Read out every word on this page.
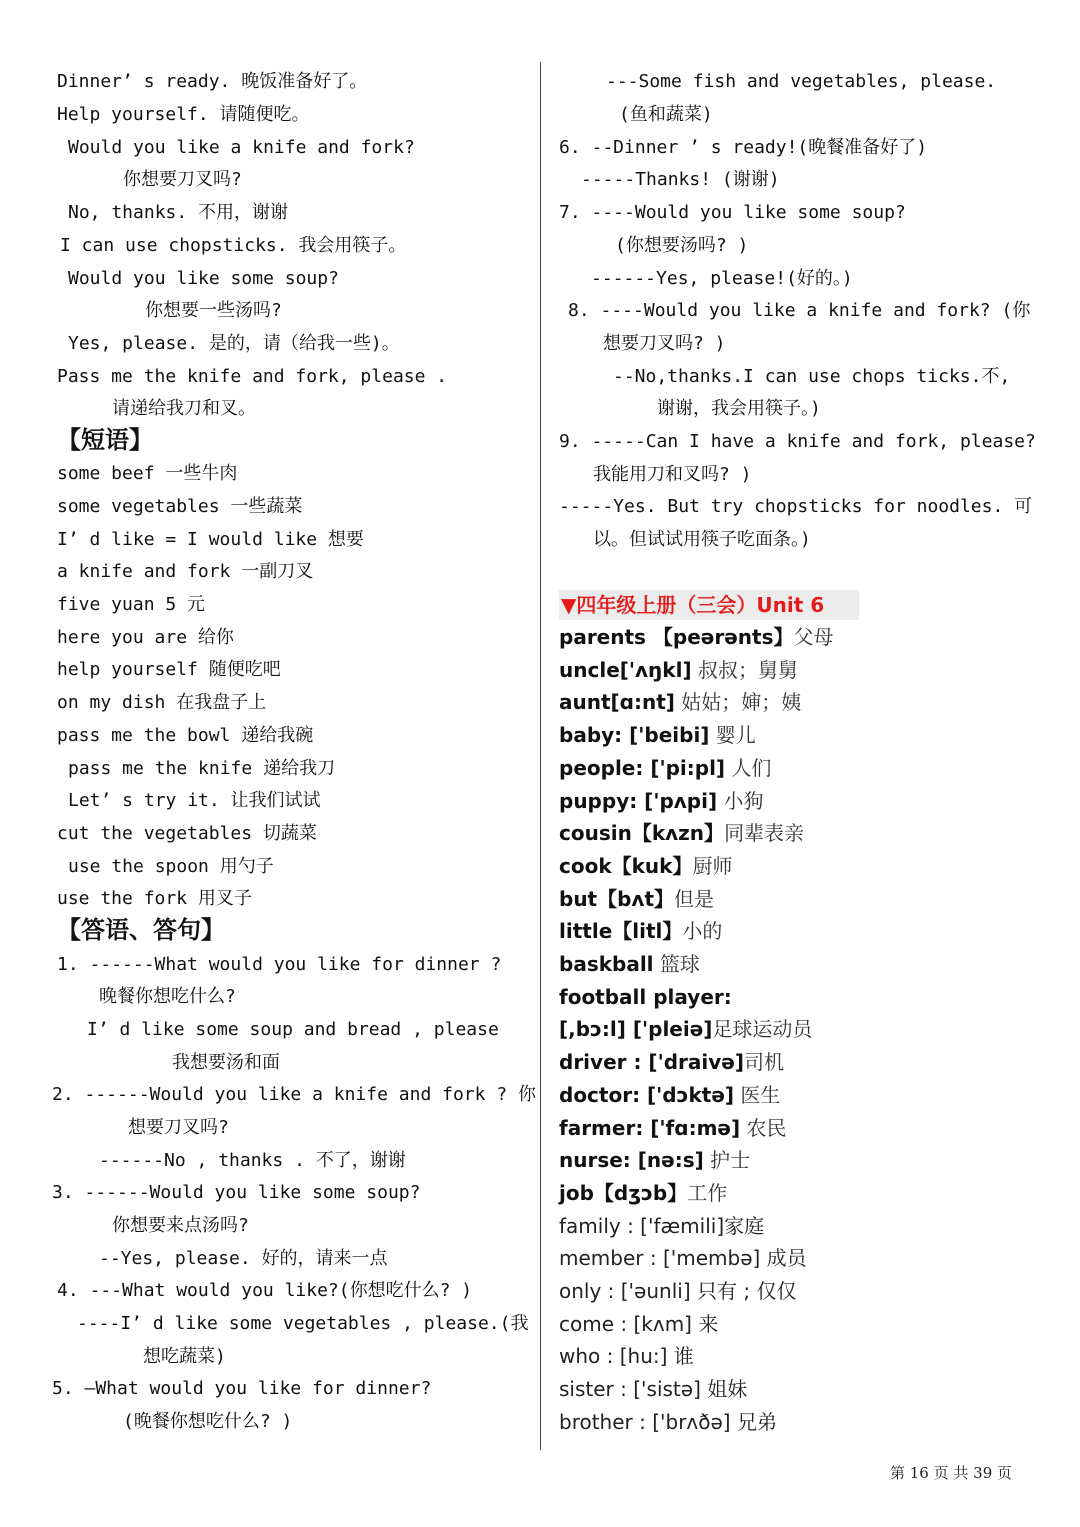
Dinner’ s ready. 晚饭准备好了。
Help yourself. 请随便吃。
Would you like a knife and fork?
你想要刀叉吗?
No, thanks. 不用，谢谢
I can use chopsticks. 我会用筷子。
Would you like some soup?
你想要一些汤吗?
Yes, please. 是的，请（给我一些)。
Pass me the knife and fork, please .
请递给我刀和叉。
【短语】
some beef 一些牛肉
some vegetables 一些蔬菜
I’ d like = I would like 想要
a knife and fork 一副刀叉
five yuan 5 元
here you are 给你
help yourself 随便吃吧
on my dish 在我盘子上
pass me the bowl 递给我碗
pass me the knife 递给我刀
Let’ s try it. 让我们试试
cut the vegetables 切蔬菜
use the spoon 用勺子
use the fork 用叉子
【答语、答句】
1. ------What would you like for dinner ?
晚餐你想吃什么?
I’ d like some soup and bread , please
我想要汤和面
2. ------Would you like a knife and fork ? 你
想要刀叉吗?
------No , thanks . 不了，谢谢
3. ------Would you like some soup?
你想要来点汤吗?
--Yes, please. 好的，请来一点
4. ---What would you like?(你想吃什么? )
----I’ d like some vegetables , please.(我
想吃蔬菜)
5. —What would you like for dinner?
(晚餐你想吃什么? )
---Some fish and vegetables, please.
(鱼和蔬菜)
6. --Dinner ’ s ready!(晚餐准备好了)
-----Thanks! (谢谢)
7. ----Would you like some soup?
(你想要汤吗? )
------Yes, please!(好的。)
8. ----Would you like a knife and fork? (你
想要刀叉吗? )
--No,thanks.I can use chops ticks.不,
谢谢，我会用筷子。)
9. -----Can I have a knife and fork, please?
我能用刀和叉吗? )
-----Yes. But try chopsticks for noodles. 可
以。但试试用筷子吃面条。)
▼四年级上册（三会）Unit 6
parents 【peərənts】父母
uncle['ʌŋkl] 叔叔；舅舅
aunt[ɑ:nt] 姑姑；婶；姨
baby: ['beibi] 婴儿
people: ['pi:pl] 人们
puppy: ['pʌpi] 小狗
cousin【kʌzn】同辈表亲
cook【kuk】厨师
but【bʌt】但是
little【litl】小的
baskball 篮球
football player:
[,bɔ:l] ['pleiə]足球运动员
driver : ['draivə]司机
doctor: ['dɔktə] 医生
farmer: ['fɑ:mə] 农民
nurse: [nə:s] 护士
job【dʒɔb】工作
family : ['fæmili]家庭
member : ['membə] 成员
only : ['əunli] 只有 ; 仅仅
come : [kʌm] 来
who : [hu:] 谁
sister : ['sistə] 姐妹
brother : ['brʌðə] 兄弟
第 16 页 共 39 页
